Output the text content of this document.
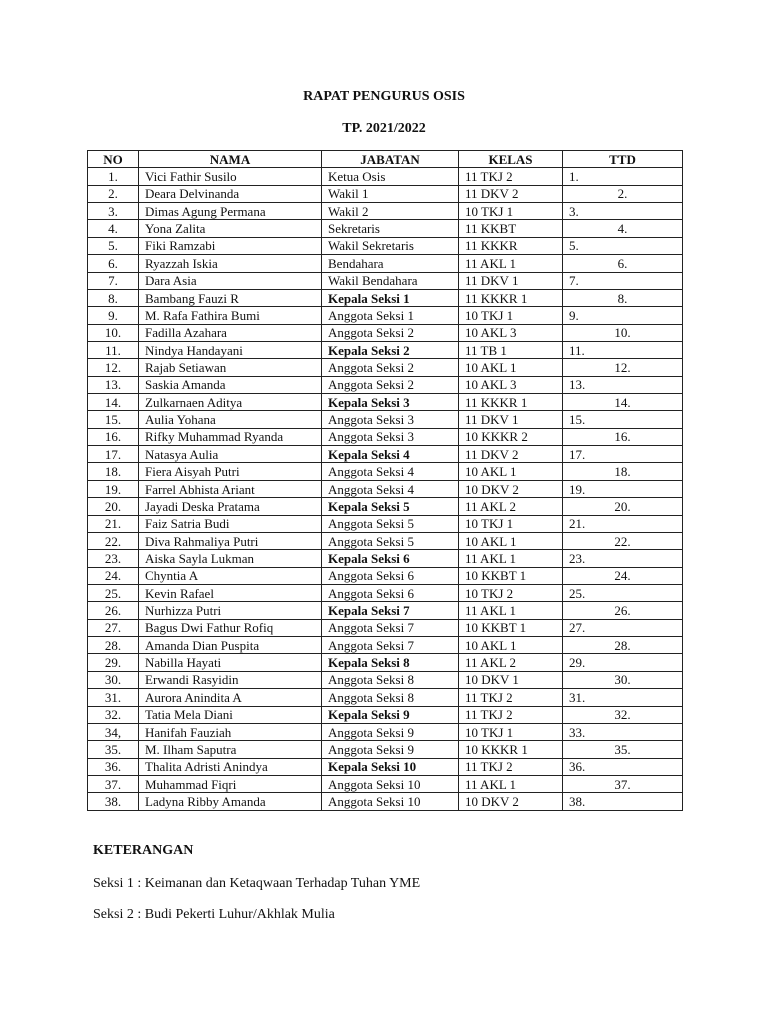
RAPAT PENGURUS OSIS
TP. 2021/2022
NO	NAMA	JABATAN	KELAS	TTD
1.	Vici Fathir Susilo	Ketua Osis	11 TKJ 2	1.
2.	Deara Delvinanda	Wakil 1	11 DKV 2	2.
3.	Dimas Agung Permana	Wakil 2	10 TKJ 1	3.
4.	Yona Zalita	Sekretaris	11 KKBT	4.
5.	Fiki Ramzabi	Wakil Sekretaris	11 KKKR	5.
6.	Ryazzah Iskia	Bendahara	11 AKL 1	6.
7.	Dara Asia	Wakil Bendahara	11 DKV 1	7.
8.	Bambang Fauzi R	Kepala Seksi 1	11 KKKR 1	8.
9.	M. Rafa Fathira Bumi	Anggota Seksi 1	10 TKJ 1	9.
10.	Fadilla Azahara	Anggota Seksi 2	10 AKL 3	10.
11.	Nindya Handayani	Kepala Seksi 2	11 TB 1	11.
12.	Rajab Setiawan	Anggota Seksi 2	10 AKL 1	12.
13.	Saskia Amanda	Anggota Seksi 2	10 AKL 3	13.
14.	Zulkarnaen Aditya	Kepala Seksi 3	11 KKKR 1	14.
15.	Aulia Yohana	Anggota Seksi 3	11 DKV 1	15.
16.	Rifky Muhammad Ryanda	Anggota Seksi 3	10 KKKR 2	16.
17.	Natasya Aulia	Kepala Seksi 4	11 DKV 2	17.
18.	Fiera Aisyah Putri	Anggota Seksi 4	10 AKL 1	18.
19.	Farrel Abhista Ariant	Anggota Seksi 4	10 DKV 2	19.
20.	Jayadi Deska Pratama	Kepala Seksi 5	11 AKL 2	20.
21.	Faiz Satria Budi	Anggota Seksi 5	10 TKJ 1	21.
22.	Diva Rahmaliya Putri	Anggota Seksi 5	10 AKL 1	22.
23.	Aiska Sayla Lukman	Kepala Seksi 6	11 AKL 1	23.
24.	Chyntia A	Anggota Seksi 6	10 KKBT 1	24.
25.	Kevin Rafael	Anggota Seksi 6	10 TKJ 2	25.
26.	Nurhizza Putri	Kepala Seksi 7	11 AKL 1	26.
27.	Bagus Dwi Fathur Rofiq	Anggota Seksi 7	10 KKBT 1	27.
28.	Amanda Dian Puspita	Anggota Seksi 7	10 AKL 1	28.
29.	Nabilla Hayati	Kepala Seksi 8	11 AKL 2	29.
30.	Erwandi Rasyidin	Anggota Seksi 8	10 DKV 1	30.
31.	Aurora Anindita A	Anggota Seksi 8	11 TKJ 2	31.
32.	Tatia Mela Diani	Kepala Seksi 9	11 TKJ 2	32.
34,	Hanifah Fauziah	Anggota Seksi 9	10 TKJ 1	33.
35.	M. Ilham Saputra	Anggota Seksi 9	10 KKKR 1	35.
36.	Thalita Adristi Anindya	Kepala Seksi 10	11 TKJ 2	36.
37.	Muhammad Fiqri	Anggota Seksi 10	11 AKL 1	37.
38.	Ladyna Ribby Amanda	Anggota Seksi 10	10 DKV 2	38.
KETERANGAN
Seksi 1 : Keimanan dan Ketaqwaan Terhadap Tuhan YME
Seksi 2 : Budi Pekerti Luhur/Akhlak Mulia
